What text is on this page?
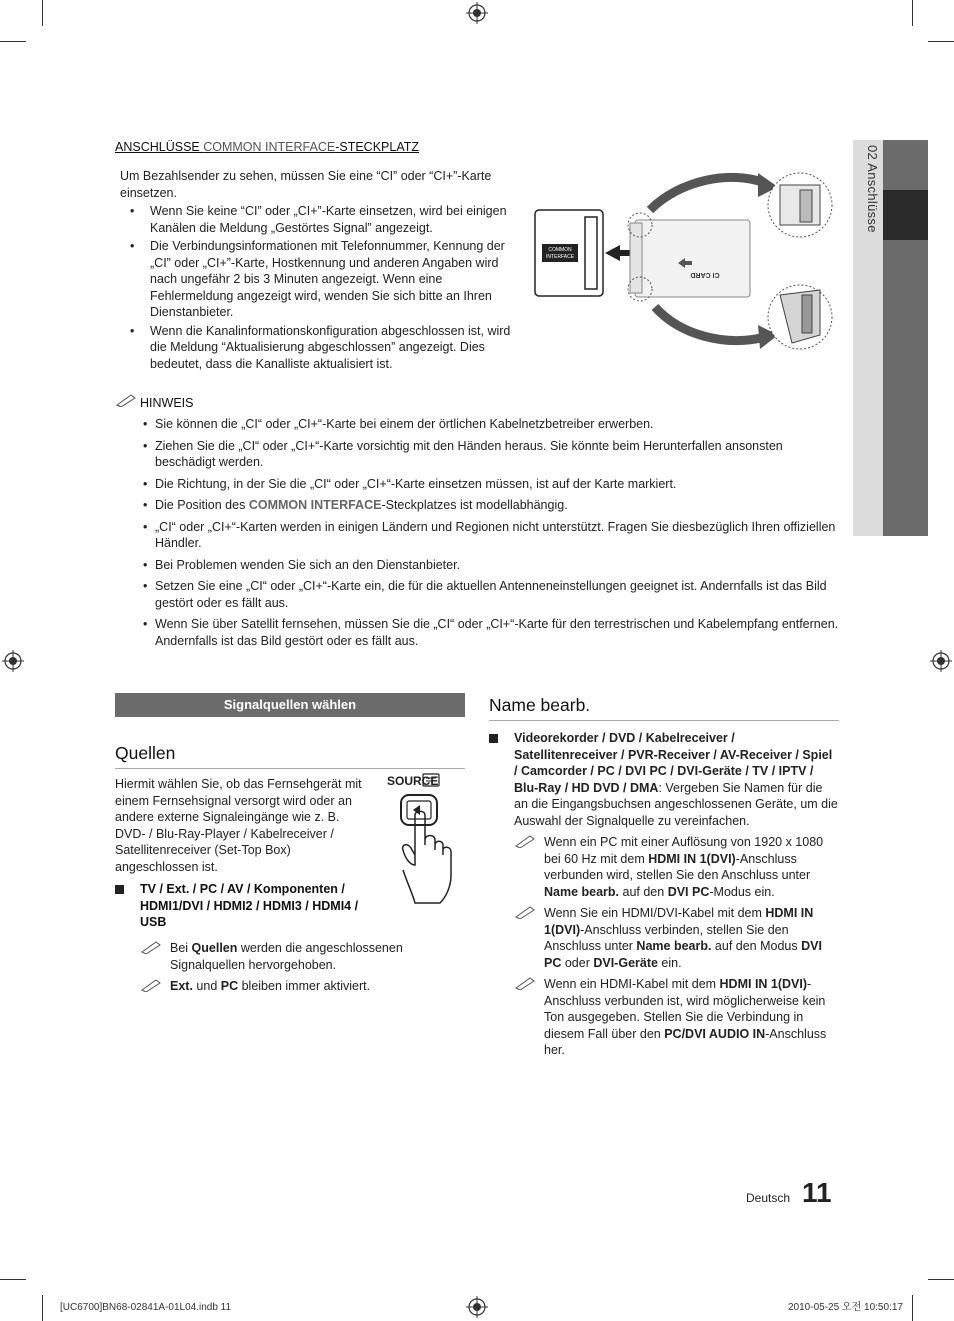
02 Anschlüsse
ANSCHLÜSSE COMMON INTERFACE-STECKPLATZ
Um Bezahlsender zu sehen, müssen Sie eine “CI” oder “CI+”-Karte einsetzen.
• Wenn Sie keine “CI” oder „CI+”-Karte einsetzen, wird bei einigen Kanälen die Meldung „Gestörtes Signal” angezeigt.
• Die Verbindungsinformationen mit Telefonnummer, Kennung der „CI” oder „CI+”-Karte, Hostkennung und anderen Angaben wird nach ungefähr 2 bis 3 Minuten angezeigt. Wenn eine Fehlermeldung angezeigt wird, wenden Sie sich bitte an Ihren Dienstanbieter.
• Wenn die Kanalinformationskonfiguration abgeschlossen ist, wird die Meldung “Aktualisierung abgeschlossen” angezeigt. Dies bedeutet, dass die Kanalliste aktualisiert ist.
COMMON
INTERFACE
CI CARD
HINWEIS
• Sie können die „CI“ oder „CI+“-Karte bei einem der örtlichen Kabelnetzbetreiber erwerben.
• Ziehen Sie die „CI“ oder „CI+“-Karte vorsichtig mit den Händen heraus. Sie könnte beim Herunterfallen ansonsten beschädigt werden.
• Die Richtung, in der Sie die „CI“ oder „CI+“-Karte einsetzen müssen, ist auf der Karte markiert.
• Die Position des COMMON INTERFACE-Steckplatzes ist modellabhängig.
• „CI“ oder „CI+“-Karten werden in einigen Ländern und Regionen nicht unterstützt. Fragen Sie diesbezüglich Ihren offiziellen Händler.
• Bei Problemen wenden Sie sich an den Dienstanbieter.
• Setzen Sie eine „CI“ oder „CI+“-Karte ein, die für die aktuellen Antenneneinstellungen geeignet ist. Andernfalls ist das Bild gestört oder es fällt aus.
• Wenn Sie über Satellit fernsehen, müssen Sie die „CI“ oder „CI+“-Karte für den terrestrischen und Kabelempfang entfernen. Andernfalls ist das Bild gestört oder es fällt aus.
Signalquellen wählen
Quellen
Hiermit wählen Sie, ob das Fernsehgerät mit einem Fernsehsignal versorgt wird oder an andere externe Signaleingänge wie z. B. DVD- / Blu-Ray-Player / Kabelreceiver / Satellitenreceiver (Set-Top Box) angeschlossen ist.
SOURCE
TV / Ext. / PC / AV / Komponenten / HDMI1/DVI / HDMI2 / HDMI3 / HDMI4 / USB
Bei Quellen werden die angeschlossenen Signalquellen hervorgehoben.
Ext. und PC bleiben immer aktiviert.
Name bearb.
Videorekorder / DVD / Kabelreceiver / Satellitenreceiver / PVR-Receiver / AV-Receiver / Spiel / Camcorder / PC / DVI PC / DVI-Geräte / TV / IPTV / Blu-Ray / HD DVD / DMA: Vergeben Sie Namen für die an die Eingangsbuchsen angeschlossenen Geräte, um die Auswahl der Signalquelle zu vereinfachen.
Wenn ein PC mit einer Auflösung von 1920 x 1080 bei 60 Hz mit dem HDMI IN 1(DVI)-Anschluss verbunden wird, stellen Sie den Anschluss unter Name bearb. auf den DVI PC-Modus ein.
Wenn Sie ein HDMI/DVI-Kabel mit dem HDMI IN 1(DVI)-Anschluss verbinden, stellen Sie den Anschluss unter Name bearb. auf den Modus DVI PC oder DVI-Geräte ein.
Wenn ein HDMI-Kabel mit dem HDMI IN 1(DVI)-Anschluss verbunden ist, wird möglicherweise kein Ton ausgegeben. Stellen Sie die Verbindung in diesem Fall über den PC/DVI AUDIO IN-Anschluss her.
Deutsch 11
[UC6700]BN68-02841A-01L04.indb 11	2010-05-25 오전 10:50:17
